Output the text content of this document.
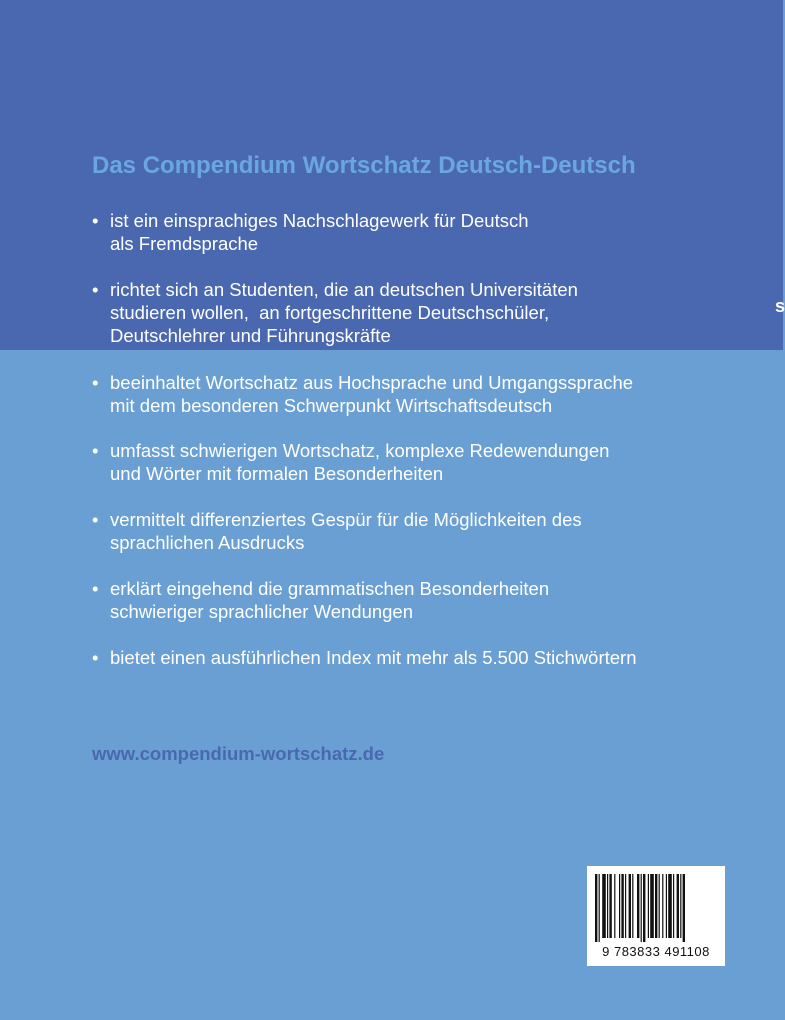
s
Das Compendium Wortschatz Deutsch-Deutsch
• ist ein einsprachiges Nachschlagewerk für Deutsch
als Fremdsprache
• richtet sich an Studenten, die an deutschen Universitäten
studieren wollen,  an fortgeschrittene Deutschschüler,
Deutschlehrer und Führungskräfte
• beeinhaltet Wortschatz aus Hochsprache und Umgangssprache
mit dem besonderen Schwerpunkt Wirtschaftsdeutsch
• umfasst schwierigen Wortschatz, komplexe Redewendungen
und Wörter mit formalen Besonderheiten
• vermittelt differenziertes Gespür für die Möglichkeiten des
sprachlichen Ausdrucks
• erklärt eingehend die grammatischen Besonderheiten
schwieriger sprachlicher Wendungen
• bietet einen ausführlichen Index mit mehr als 5.500 Stichwörtern
www.compendium-wortschatz.de
9 783833 491108
